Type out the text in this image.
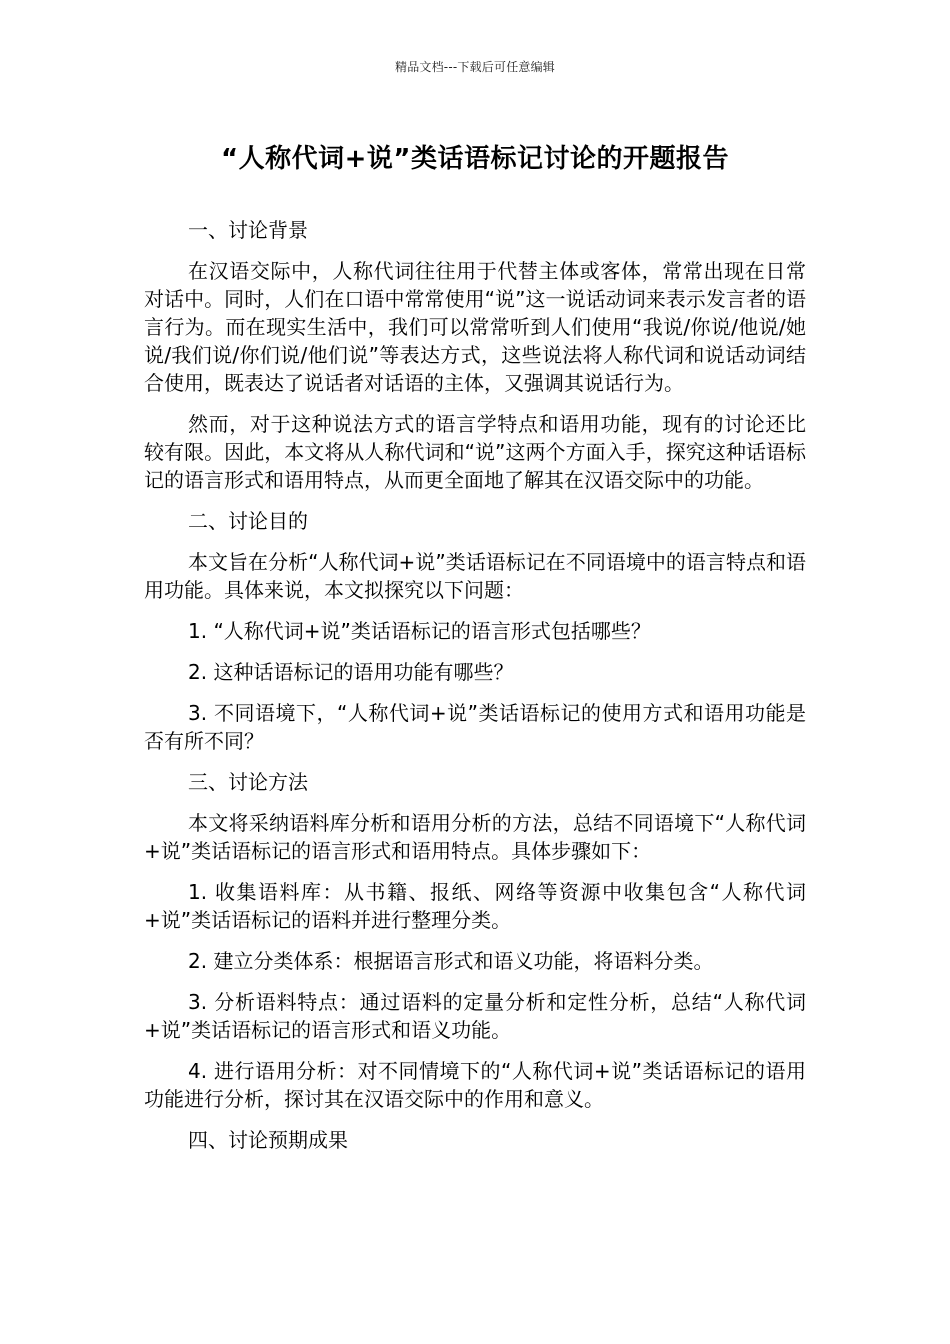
精品文档---下载后可任意编辑
“人称代词+说”类话语标记讨论的开题报告
一、讨论背景
在汉语交际中，人称代词往往用于代替主体或客体，常常出现在日常对话中。同时，人们在口语中常常使用“说”这一说话动词来表示发言者的语言行为。而在现实生活中，我们可以常常听到人们使用“我说/你说/他说/她说/我们说/你们说/他们说”等表达方式，这些说法将人称代词和说话动词结合使用，既表达了说话者对话语的主体，又强调其说话行为。
然而，对于这种说法方式的语言学特点和语用功能，现有的讨论还比较有限。因此，本文将从人称代词和“说”这两个方面入手，探究这种话语标记的语言形式和语用特点，从而更全面地了解其在汉语交际中的功能。
二、讨论目的
本文旨在分析“人称代词+说”类话语标记在不同语境中的语言特点和语用功能。具体来说，本文拟探究以下问题：
1. “人称代词+说”类话语标记的语言形式包括哪些？
2. 这种话语标记的语用功能有哪些？
3. 不同语境下，“人称代词+说”类话语标记的使用方式和语用功能是否有所不同？
三、讨论方法
本文将采纳语料库分析和语用分析的方法，总结不同语境下“人称代词+说”类话语标记的语言形式和语用特点。具体步骤如下：
1. 收集语料库：从书籍、报纸、网络等资源中收集包含“人称代词+说”类话语标记的语料并进行整理分类。
2. 建立分类体系：根据语言形式和语义功能，将语料分类。
3. 分析语料特点：通过语料的定量分析和定性分析，总结“人称代词+说”类话语标记的语言形式和语义功能。
4. 进行语用分析：对不同情境下的“人称代词+说”类话语标记的语用功能进行分析，探讨其在汉语交际中的作用和意义。
四、讨论预期成果
